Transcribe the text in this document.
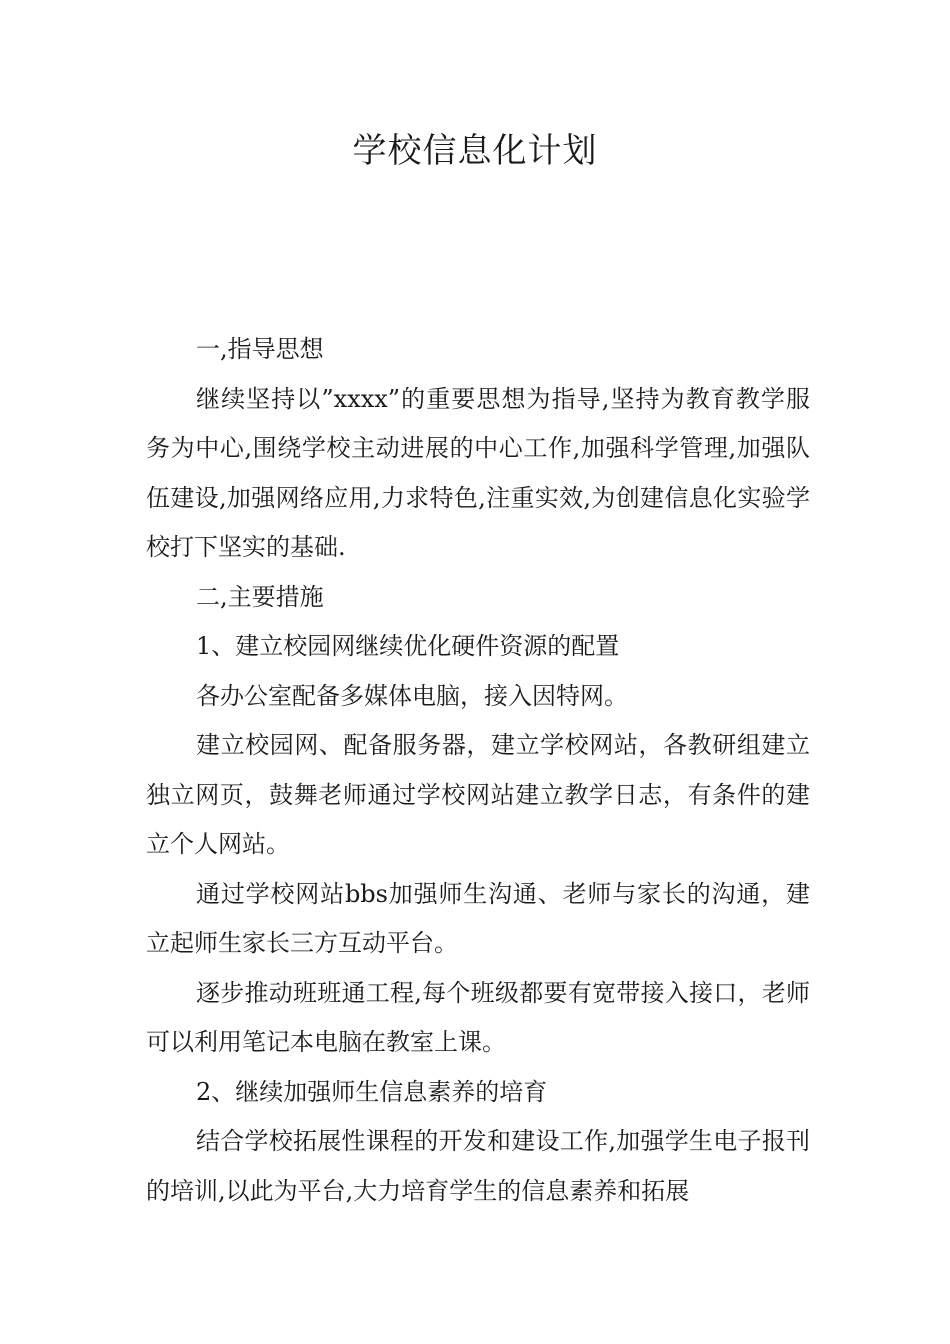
学校信息化计划

一,指导思想

继续坚持以”xxxx”的重要思想为指导,坚持为教育教学服务为中心,围绕学校主动进展的中心工作,加强科学管理,加强队伍建设,加强网络应用,力求特色,注重实效,为创建信息化实验学校打下坚实的基础.

二,主要措施

1、建立校园网继续优化硬件资源的配置

各办公室配备多媒体电脑，接入因特网。

建立校园网、配备服务器，建立学校网站，各教研组建立独立网页，鼓舞老师通过学校网站建立教学日志，有条件的建立个人网站。

通过学校网站bbs加强师生沟通、老师与家长的沟通，建立起师生家长三方互动平台。

逐步推动班班通工程,每个班级都要有宽带接入接口，老师可以利用笔记本电脑在教室上课。

2、继续加强师生信息素养的培育

结合学校拓展性课程的开发和建设工作,加强学生电子报刊的培训,以此为平台,大力培育学生的信息素养和拓展
